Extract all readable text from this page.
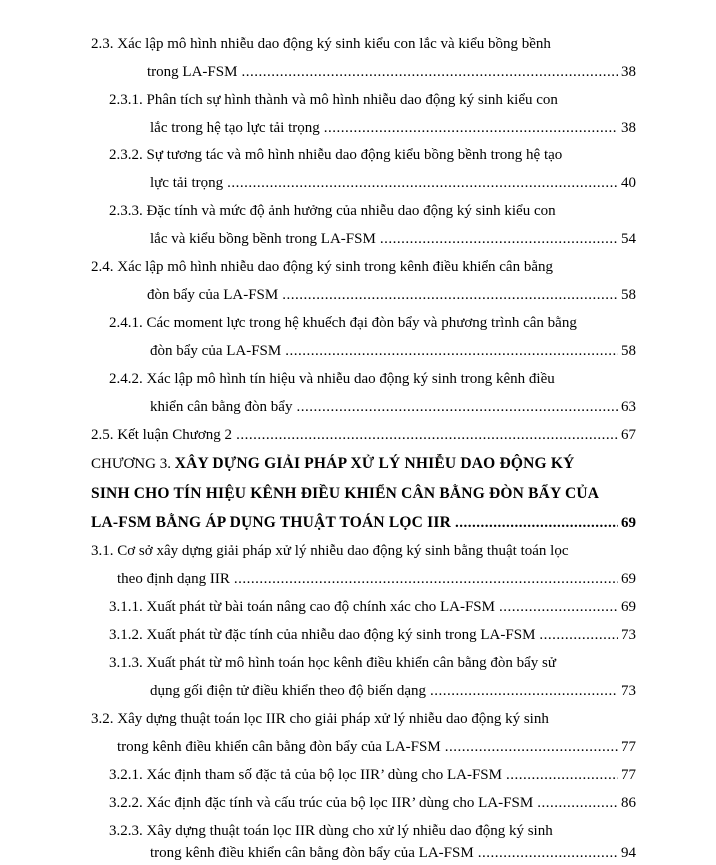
2.3. Xác lập mô hình nhiễu dao động ký sinh kiểu con lắc và kiểu bồng bềnh
trong LA-FSM .....	38
2.3.1. Phân tích sự hình thành và mô hình nhiễu dao động ký sinh kiểu con
lắc trong hệ tạo lực tải trọng .....	38
2.3.2. Sự tương tác và mô hình nhiễu dao động kiểu bồng bềnh trong hệ tạo
lực tải trọng .....	40
2.3.3. Đặc tính và mức độ ảnh hưởng của nhiễu dao động ký sinh kiểu con
lắc và kiểu bồng bềnh trong LA-FSM .....	54
2.4. Xác lập mô hình nhiễu dao động ký sinh trong kênh điều khiển cân bằng
đòn bẩy của LA-FSM .....	58
2.4.1. Các moment lực trong hệ khuếch đại đòn bẩy và phương trình cân bằng
đòn bẩy của LA-FSM .....	58
2.4.2. Xác lập mô hình tín hiệu và nhiễu dao động ký sinh trong kênh điều
khiển cân bằng đòn bẩy .....	63
2.5. Kết luận Chương 2 .....	67
CHƯƠNG 3. XÂY DỰNG GIẢI PHÁP XỬ LÝ NHIỄU DAO ĐỘNG KÝ
SINH CHO TÍN HIỆU KÊNH ĐIỀU KHIỂN CÂN BẰNG ĐÒN BẨY CỦA
LA-FSM BẰNG ÁP DỤNG THUẬT TOÁN LỌC IIR .....	69
3.1. Cơ sở xây dựng giải pháp xử lý nhiễu dao động ký sinh bằng thuật toán lọc
theo định dạng IIR .....	69
3.1.1. Xuất phát từ bài toán nâng cao độ chính xác cho LA-FSM .....	69
3.1.2. Xuất phát từ đặc tính của nhiễu dao động ký sinh trong LA-FSM .....	73
3.1.3. Xuất phát từ mô hình toán học kênh điều khiển cân bằng đòn bẩy sử
dụng gối điện tử điều khiển theo độ biến dạng .....	73
3.2. Xây dựng thuật toán lọc IIR cho giải pháp xử lý nhiễu dao động ký sinh
trong kênh điều khiển cân bằng đòn bẩy của LA-FSM .....	77
3.2.1. Xác định tham số đặc tả của bộ lọc IIR’ dùng cho LA-FSM .....	77
3.2.2. Xác định đặc tính và cấu trúc của bộ lọc IIR’ dùng cho LA-FSM .....	86
3.2.3. Xây dựng thuật toán lọc IIR dùng cho xử lý nhiễu dao động ký sinh
trong kênh điều khiển cân bằng đòn bẩy của LA-FSM .....	94
